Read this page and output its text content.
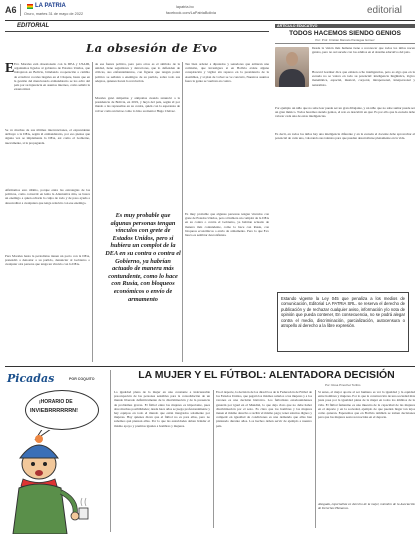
A6	LA PATRIA
Oruro, martes 31 de mayo de 2022
lapatria.bo
facebook.com/LaPatriaBolivia	editorial
EDITORIAL
La obsesión de Evo
E Evo Morales está obsesionado con la DEA y USAID, organismos ligados al gobierno de Estados Unidos, que trabajaron en Bolivia, brindando cooperación a cambio de erradicar cocales ilegales en el Chapare, hasta que en la gestión del mencionado exmandatario se los echó del país por su injerencia en asuntos internos, como señaló la exautoridad.
Se ve muchas de sus últimas intervenciones, el expresidente atribuye a la DEA, según él exmandatario, por eso piensa que alguna vez se implemente la DEA, así como el Gobierno, nuevamente, si la propaganda.
Afirmamos esto último, porque entre las estrategias de las políticas, como convertir en lema la Alternativa mía, se busca un enemigo a quien echarle la culpa de todo y de paso ayuda a desacreditar a cualquiera que tenga relación con ese enemigo.
Para Morales hasta la periodistas tienen un pacto con la DEA, pretendió a denostar a su partido, denunciar al Gobierno o cualquier otra persona que tenga un vínculo con la DEA.
de esa fuerza política, pero para otros es el símbolo de la unidad, tiene seguidores y detractores, que lo defienden de críticas, sus enfrentamientos, con figuras que tengan poder político se señalan a enemigos de su partido, sobre todo sus adeptos, quienes hacen la revolución.
Morales ganó simpatías y antipatías cuando renunció a la presidencia de Bolivia, en 2019, y huyó del país, según él por miedo a las represalias en su contra, quién con la esperanza de volver como un héroe como lo hizo su mentor Hugo Chávez.
Ten bien ordenó a diputados y senadores que armaran una comisión, que investigara si en Bolivia existe alguna conspiración y vigilar sin reparos en la presidencia de la Asamblea, y si plan de volver se ve concretó, Nuestros asuntos fuera la gente se vuelven en contra.
Es muy probable que algunas personas tengan vínculos con grete de Estados Unidos, pero si hubiera un complot de la DEA en su contra o contra el Gobierno, ya habrían actuado de manera más contundente, como lo hace con Rusia, con bloqueos económicos o envío de armamento
Es muy probable que algunas personas tengan vínculos con grete de Estados Unidos, pero si hubiera un complot de la DEA en su contra o contra el Gobierno, ya habrían actuado de manera más contundente, como lo hace con Rusia, con bloqueos económicos o envío de armamento. Pero lo que Evo busca es sembrar desconfianza.
ARTÍCULO EDUCATIVO
TODOS HACEMOS SIENDO GENIOS
Por: Prof. Cristian Marcelo Paniagua Gómez
Desde la visión más humana tiene a reconocer que todos los niños nacen genios, pero no así sucede con los adultos en el sistema educativo del país.
Howard Gardner dice que existen ocho inteligencias, pero es algo que en la escuela no se valora en todo su potencial: inteligencia lingüística, lógico matemática, espacial, musical, corporal, intrapersonal, interpersonal y naturalista.
Por ejemplo un niño que no sabe leer puede ser un gran dibujante, y un niño que no sabe sumar puede ser un gran músico. Todos hacemos siendo genios, el reto es descubrir en qué. Es por ello que la escuela debe valorar cada una de estas inteligencias.
Es decir, en todos los niños hay una inteligencia diferente y en la escuela el docente debe aprovechar el potencial de cada uno, valorando sus talentos para que puedan desarrollarse plenamente en la vida.
Estando vigente la Ley 045 que penaliza a los medios de comunicación, Editorial LA PATRIA SRL. se reserva el derecho de publicación y de rechazar cualquier aviso, información y/o nota de opinión que pueda contener, En consecuencia, no se podrá alegar contra el medio, discriminación, parcialización, autocensura o atropello al derecho a la libre expresión.
LA MUJER Y EL FÚTBOL: ALENTADORA DECISIÓN
Por: Rosa Pinochet Toribio
Picadas	POR COQUITO
¡HORARIO DE
INVIEBRRRRRRN!
La igualdad plena de la mujer en una constante e inalcanzable preocupación de las personas sensibles para la consolidación de un mundo liberado definitivamente de la discriminación y de la presencia de problemas graves. El fútbol entre las mujeres es importante, pues abre muchas posibilidades; desde hace años se juega profesionalmente y hay equipos en todo el mundo que están integrados solamente por mujeres. Hay quienes dicen que el fútbol no es para ellas, pero no sabemos qué piensan ellas. Por lo que las autoridades deben brindar el mismo apoyo y premios iguales a hombres y mujeres.
En el deporte, la decisión de los directivos de la Federación de Fútbol de los Estados Unidos, que pagará los mismos salarios a las mujeres y a los varones es una decisión histórica. Los futbolistas estadounidenses ganarán por igual en el Mundial, lo que deja claro que no debe haber discriminación por el sexo. Es claro que los hombres y las mujeres tienen el mismo derecho a recibir el mismo pago; tener salarios dignos y competir en igualdad de condiciones es una demanda que ellas han planteado durante años. Los hechos deben servir de ejemplo a nuestro país.
Si antes, el mejor aporte al ser humano es ver la igualdad y la equidad entre hombres y mujeres. Por lo que la construcción de una sociedad más justa pasa por la igualdad plena de la mujer en todos los ámbitos de la vida. El fútbol femenino es una muestra de la capacidad de las mujeres en el deporte y en la sociedad, ejemplo de que pueden llegar tan lejos como quieran. Esperemos que en Bolivia también se tomen decisiones para que las mujeres sean reconocidas en el deporte.
Abogada, especialista en derecho de la mujer, miembro de la Asociación de Derechos Humanos.
